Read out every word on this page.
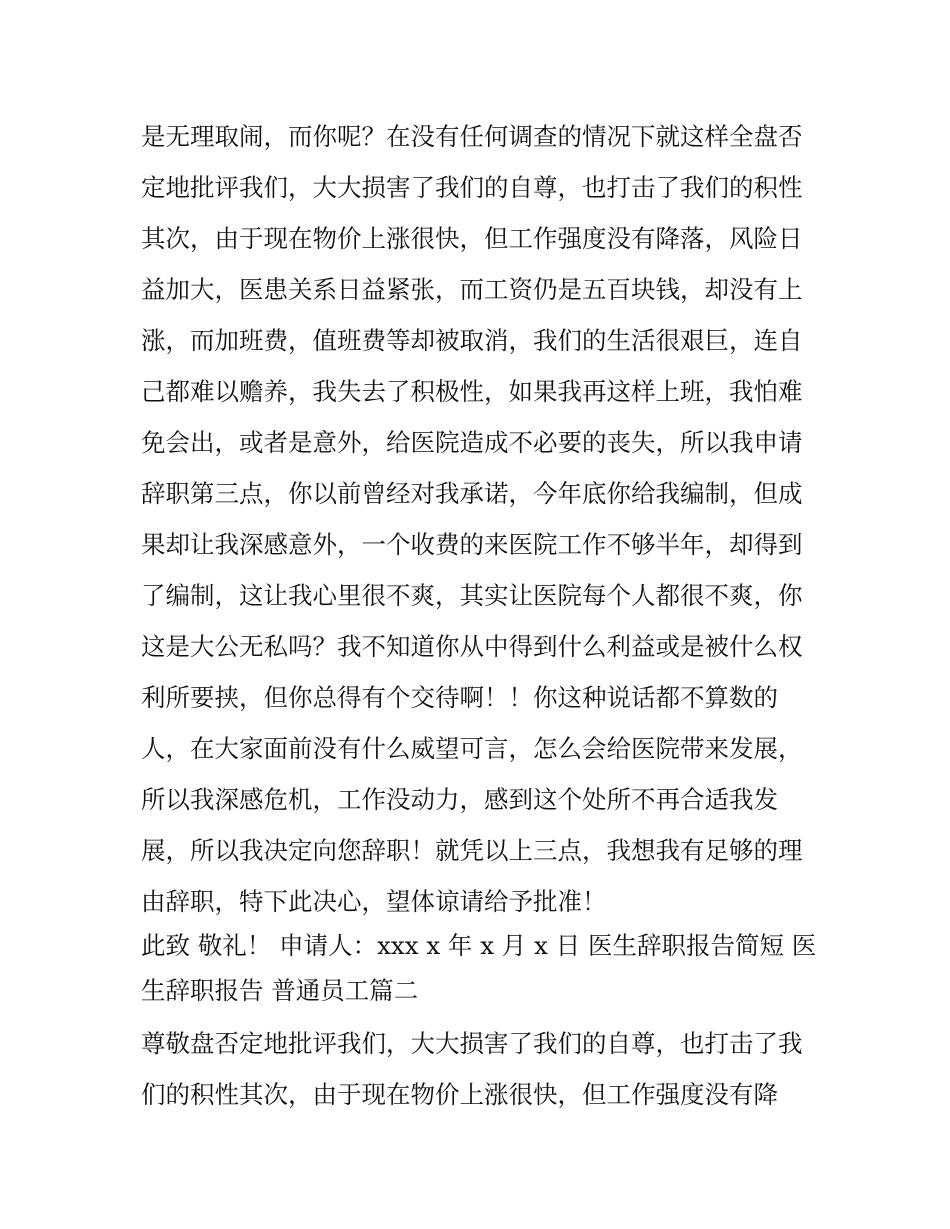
是无理取闹，而你呢？在没有任何调查的情况下就这样全盘否
定地批评我们，大大损害了我们的自尊，也打击了我们的积性
其次，由于现在物价上涨很快，但工作强度没有降落，风险日
益加大，医患关系日益紧张，而工资仍是五百块钱，却没有上
涨，而加班费，值班费等却被取消，我们的生活很艰巨，连自
己都难以赡养，我失去了积极性，如果我再这样上班，我怕难
免会出，或者是意外，给医院造成不必要的丧失，所以我申请
辞职第三点，你以前曾经对我承诺，今年底你给我编制，但成
果却让我深感意外，一个收费的来医院工作不够半年，却得到
了编制，这让我心里很不爽，其实让医院每个人都很不爽，你
这是大公无私吗？我不知道你从中得到什么利益或是被什么权
利所要挟，但你总得有个交待啊！！你这种说话都不算数的
人，在大家面前没有什么威望可言，怎么会给医院带来发展，
所以我深感危机，工作没动力，感到这个处所不再合适我发
展，所以我决定向您辞职！就凭以上三点，我想我有足够的理
由辞职，特下此决心，望体谅请给予批准！

此致 敬礼！ 申请人：xxx x 年 x 月 x 日 医生辞职报告简短 医
生辞职报告 普通员工篇二

尊敬盘否定地批评我们，大大损害了我们的自尊，也打击了我
们的积性其次，由于现在物价上涨很快，但工作强度没有降
